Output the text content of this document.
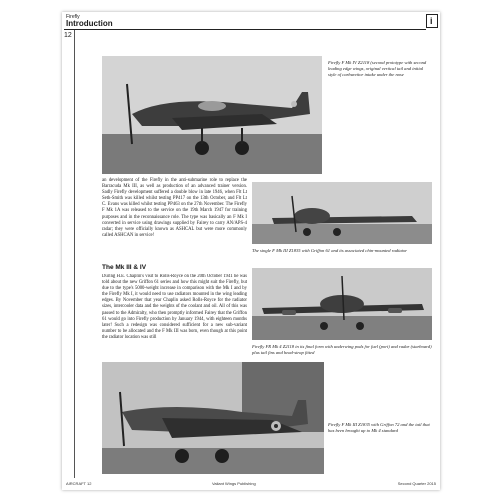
Firefly
Introduction	i
12
Firefly F Mk IV Z2118 (second prototype with second leading edge wings, original vertical tail and initial style of carburettor intake under the nose
The single F Mk III Z1835 with Griffon 61 and its associated chin-mounted radiator
Firefly FR Mk 4 Z2118 in its final form with underwing pods for fuel (port) and radar (starboard) plus tail fins and head-strap fitted
Firefly F Mk III Z1835 with Griffon 72 and the tail that has been brought up to Mk 4 standard

an development of the Firefly in the anti-submarine role to replace the Barracuda Mk III, as well as production of an advanced trainer version. Sadly Firefly development suffered a double blow in late 1946, when Flt Lt Seth-Smith was killed whilst testing PP417 on the 13th October, and Flt Lt C. Evans was killed whilst testing PP463 on the 27th November. The Firefly F Mk 1A was released to the service on the 19th March 1947 for training purposes and in the reconnaissance role. The type was basically an F Mk I converted in service using drawings supplied by Fairey to carry AN/APS-4 radar; they were officially known as ASHCAL but were more commonly called ASHCAN in service!

The Mk III & IV

During H.E. Chaplin's visit to Rolls-Royce on the 20th October 1941 he was told about the new Griffon 61 series and how this might suit the Firefly, but due to the type's 5000-weight increase in comparison with the Mk I and by the Firefly Mk I, it would need to use radiators mounted in the wing leading edges. By November that year Chaplin asked Rolls-Royce for the radiator sizes, intercooler data and the weights of the coolant and oil. All of this was passed to the Admiralty, who then promptly informed Fairey that the Griffon 61 would go into Firefly production by January 1944, with eighteen months later! Such a redesign was considered sufficient for a new sub-variant number to be allocated and the F Mk III was born, even though at this point the radiator location was still

AIRCRAFT 12	Valiant Wings Publishing	Second Quarter 2015
